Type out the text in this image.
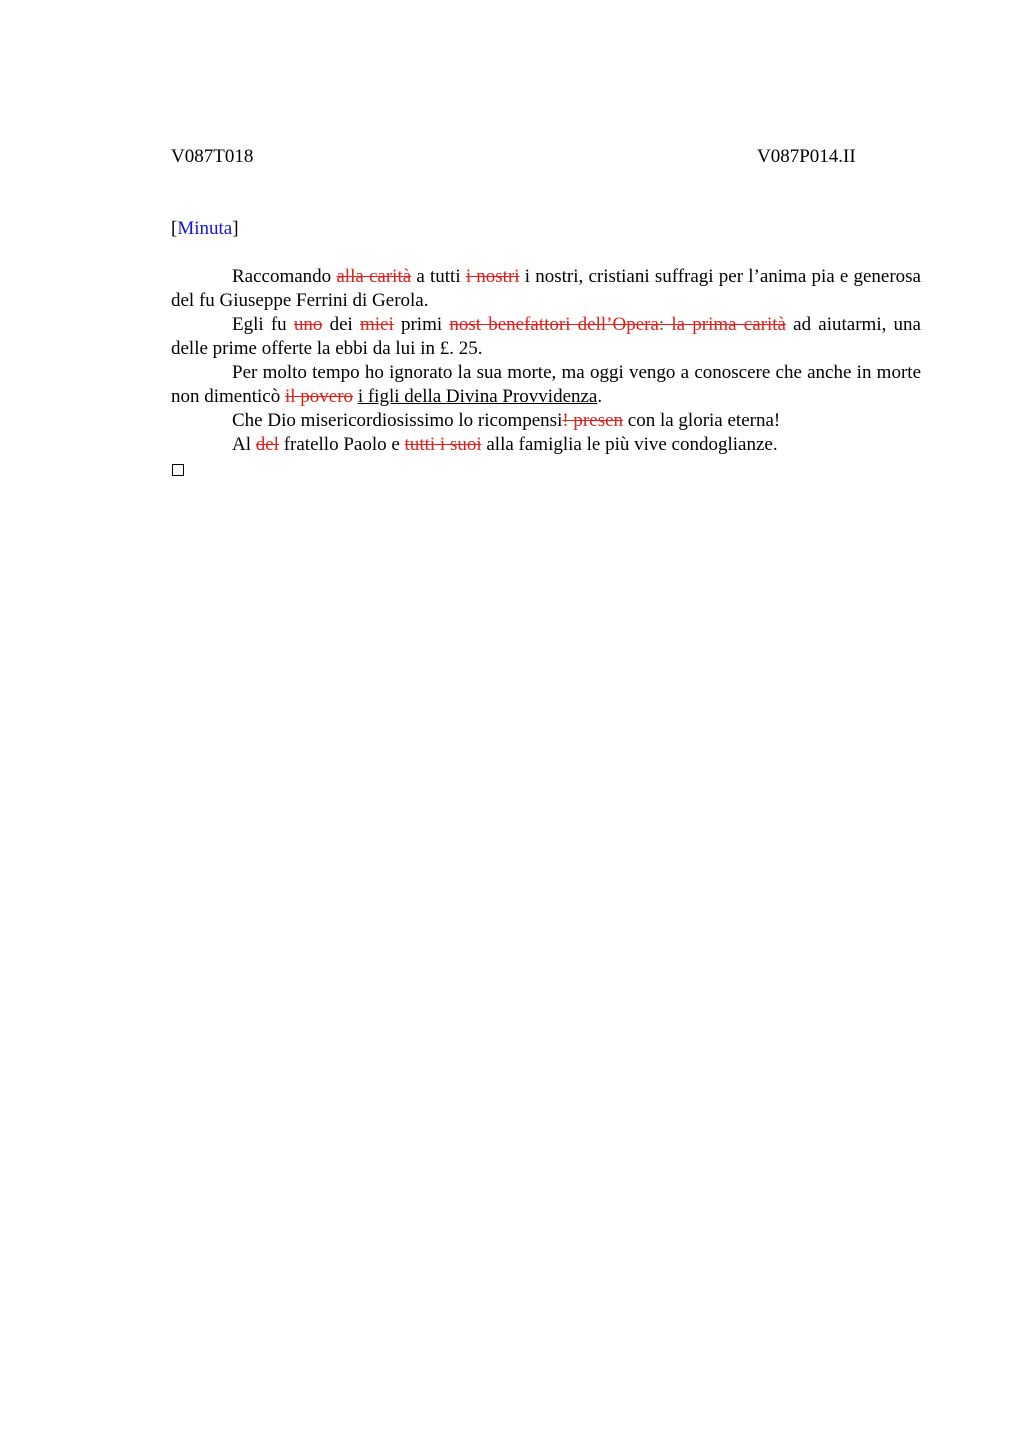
V087T018	V087P014.II
[Minuta]

Raccomando alla carità a tutti i nostri i nostri, cristiani suffragi per l’anima pia e generosa del fu Giuseppe Ferrini di Gerola.

Egli fu uno dei miei primi nost benefattori dell’Opera: la prima carità ad aiutarmi, una delle prime offerte la ebbi da lui in £. 25.

Per molto tempo ho ignorato la sua morte, ma oggi vengo a conoscere che anche in morte non dimenticò il povero i figli della Divina Provvidenza.

Che Dio misericordiosissimo lo ricompensi! presen con la gloria eterna!

Al del fratello Paolo e tutti i suoi alla famiglia le più vive condoglianze.
